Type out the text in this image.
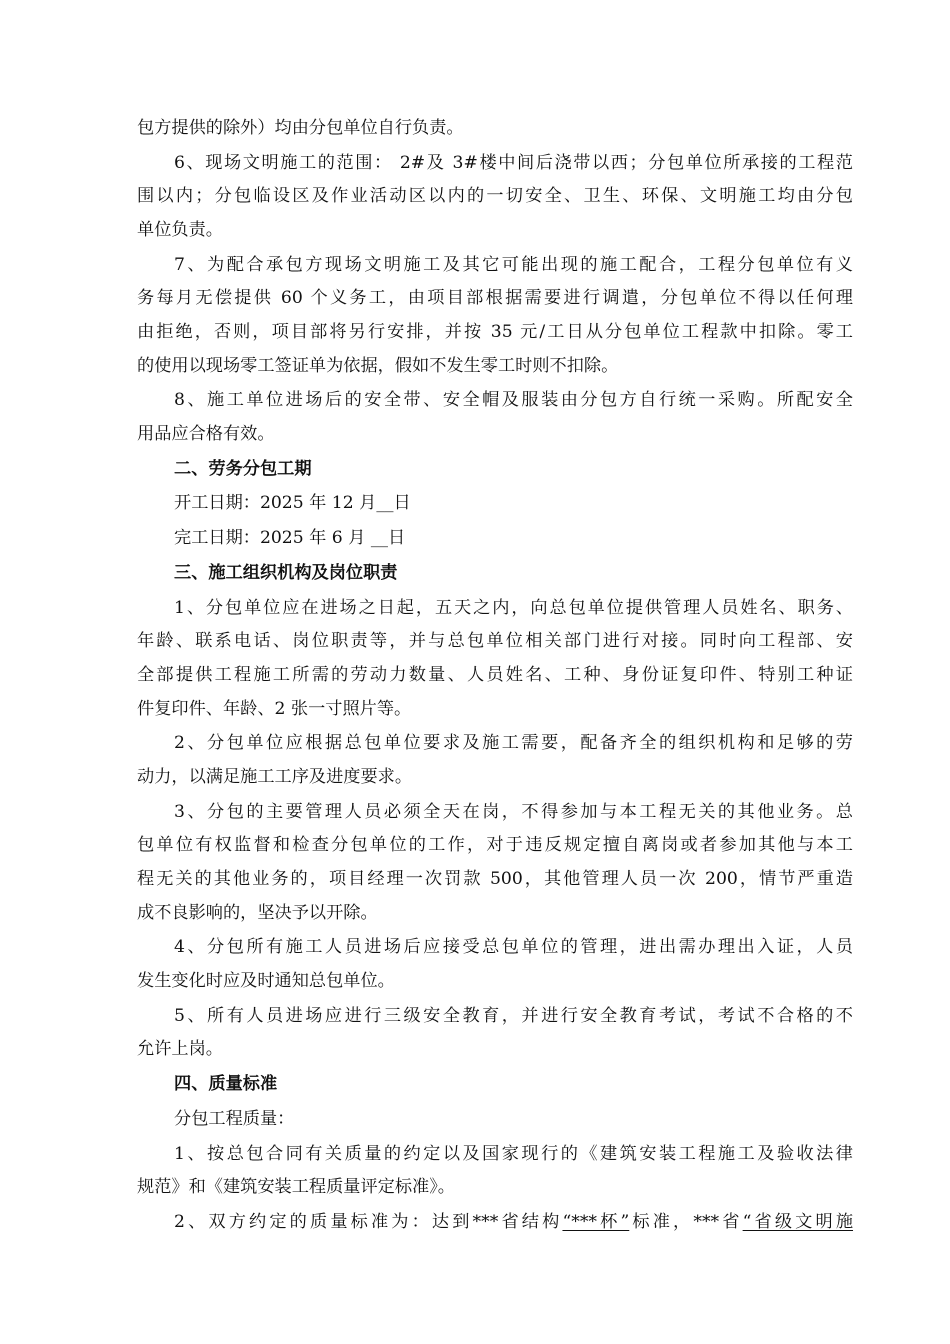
包方提供的除外）均由分包单位自行负责。
6、现场文明施工的范围： 2#及 3#楼中间后浇带以西；分包单位所承接的工程范
围以内；分包临设区及作业活动区以内的一切安全、卫生、环保、文明施工均由分包
单位负责。
7、为配合承包方现场文明施工及其它可能出现的施工配合，工程分包单位有义
务每月无偿提供 60 个义务工，由项目部根据需要进行调遣，分包单位不得以任何理
由拒绝，否则，项目部将另行安排，并按 35 元/工日从分包单位工程款中扣除。零工
的使用以现场零工签证单为依据，假如不发生零工时则不扣除。
8、施工单位进场后的安全带、安全帽及服装由分包方自行统一采购。所配安全
用品应合格有效。
二、劳务分包工期
开工日期：2025 年 12 月__日
完工日期：2025 年 6 月 __日
三、施工组织机构及岗位职责
1、分包单位应在进场之日起，五天之内，向总包单位提供管理人员姓名、职务、
年龄、联系电话、岗位职责等，并与总包单位相关部门进行对接。同时向工程部、安
全部提供工程施工所需的劳动力数量、人员姓名、工种、身份证复印件、特别工种证
件复印件、年龄、2 张一寸照片等。
2、分包单位应根据总包单位要求及施工需要，配备齐全的组织机构和足够的劳
动力，以满足施工工序及进度要求。
3、分包的主要管理人员必须全天在岗，不得参加与本工程无关的其他业务。总
包单位有权监督和检查分包单位的工作，对于违反规定擅自离岗或者参加其他与本工
程无关的其他业务的，项目经理一次罚款 500，其他管理人员一次 200，情节严重造
成不良影响的，坚决予以开除。
4、分包所有施工人员进场后应接受总包单位的管理，进出需办理出入证，人员
发生变化时应及时通知总包单位。
5、所有人员进场应进行三级安全教育，并进行安全教育考试，考试不合格的不
允许上岗。
四、质量标准
分包工程质量：
1、按总包合同有关质量的约定以及国家现行的《建筑安装工程施工及验收法律
规范》和《建筑安装工程质量评定标准》。
2、双方约定的质量标准为：达到***省结构“***杯”标准，***省“省级文明施
